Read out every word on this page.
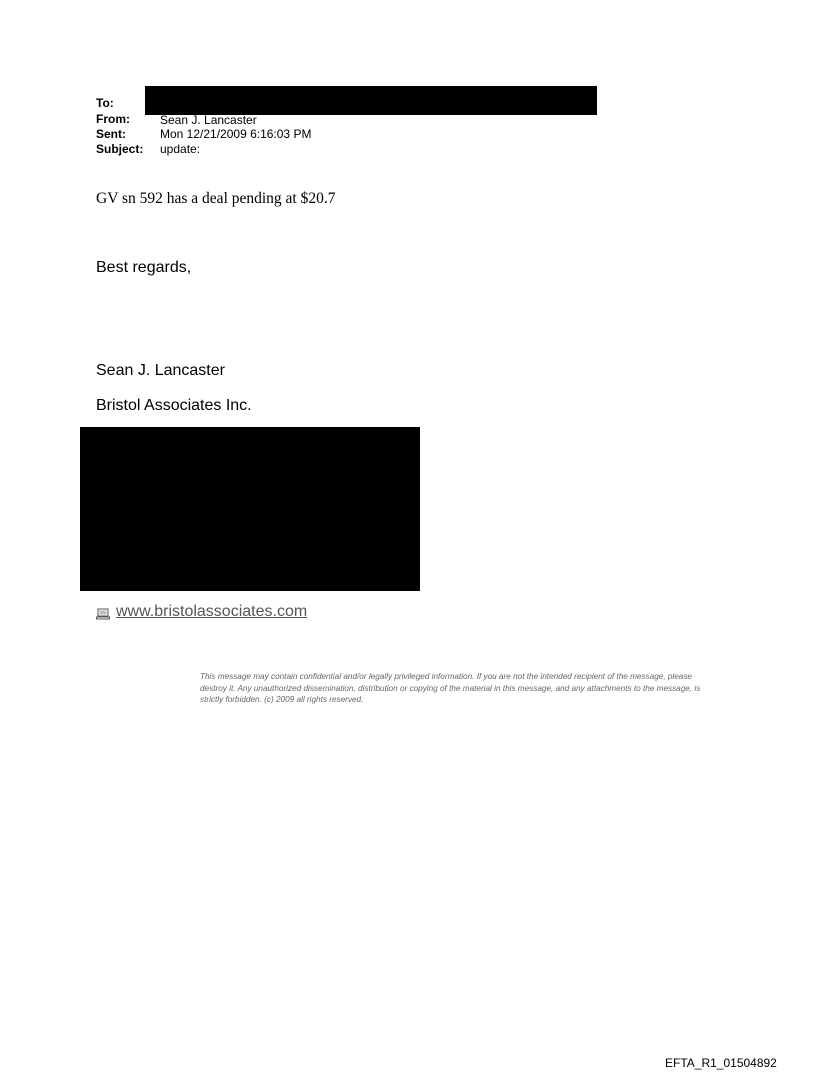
To:
From:	Sean J. Lancaster
Sent:	Mon 12/21/2009 6:16:03 PM
Subject: update:
GV sn 592 has a deal pending at $20.7
Best regards,
Sean J. Lancaster
Bristol Associates Inc.
www.bristolassociates.com
This message may contain confidential and/or legally privileged information. If you are not the intended recipient of the message, please destroy it. Any unauthorized dissemination, distribution or copying of the material in this message, and any attachments to the message, is strictly forbidden. (c) 2009 all rights reserved.
EFTA_R1_01504892
